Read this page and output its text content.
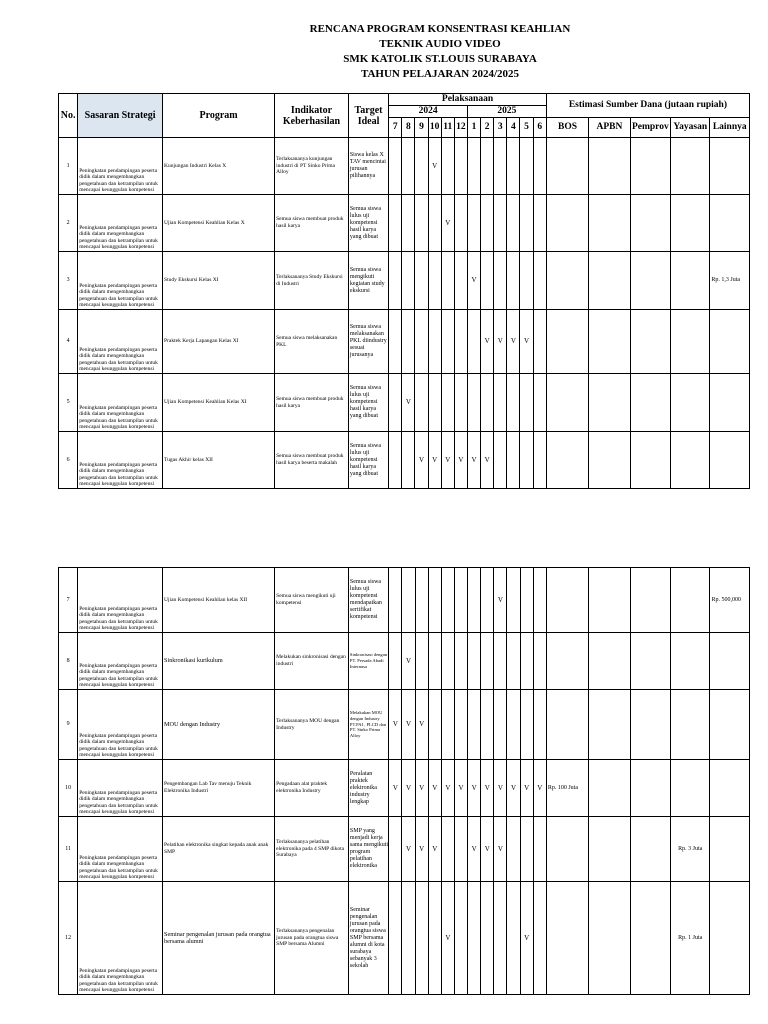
RENCANA PROGRAM KONSENTRASI KEAHLIAN
TEKNIK AUDIO VIDEO
SMK KATOLIK ST.LOUIS SURABAYA
TAHUN PELAJARAN 2024/2025
No.	Sasaran Strategi	Program	Indikator Keberhasilan	Target Ideal	Pelaksanaan												Estimasi Sumber Dana (jutaan rupiah)				
					2024						2025										
					7	8	9	10	11	12	1	2	3	4	5	6	BOS	APBN	Pemprov	Yayasan	Lainnya
1	Peningkatan pendampingan peserta didik dalam mengembangkan pengetahuan dan ketrampilan untuk mencapai keunggulan kompetensi	Kunjungan Industri Kelas X	Terlaksananya kunjungan industri di PT Sinko Prima Alloy	Siswa kelas X TAV mencintai jurusan pilihannya				V													
2	Peningkatan pendampingan peserta didik dalam mengembangkan pengetahuan dan ketrampilan untuk mencapai keunggulan kompetensi	Ujian Kompetensi Keahlian Kelas X	Semua siswa membuat produk hasil karya	Semua siswa lulus uji kompetensi hasil karya yang dibuat					V												
3	Peningkatan pendampingan peserta didik dalam mengembangkan pengetahuan dan ketrampilan untuk mencapai keunggulan kompetensi	Study Ekskursi Kelas XI	Terlaksananya Study Ekskursi di Industri	Semua siswa mengikuti kegiatan study ekskursi							V										Rp. 1,3 Juta
4	Peningkatan pendampingan peserta didik dalam mengembangkan pengetahuan dan ketrampilan untuk mencapai keunggulan kompetensi	Praktek Kerja Lapangan Kelas XI	Semua siswa melaksanakan PKL	Semua siswa melaksanakan PKL diindustry sesuai jurusanya								V	V	V	V						
5	Peningkatan pendampingan peserta didik dalam mengembangkan pengetahuan dan ketrampilan untuk mencapai keunggulan kompetensi	Ujian Kompetensi Keahlian Kelas XI	Semua siswa membuat produk hasil karya	Semua siswa lulus uji kompetensi hasil karya yang dibuat		V															
6	Peningkatan pendampingan peserta didik dalam mengembangkan pengetahuan dan ketrampilan untuk mencapai keunggulan kompetensi	Tugas Akhir kelas XII	Semua siswa membuat produk hasil karya beserta makalah	Semua siswa lulus uji kompetensi hasil karya yang dibuat			V	V	V	V	V	V									
7	Peningkatan pendampingan peserta didik dalam mengembangkan pengetahuan dan ketrampilan untuk mencapai keunggulan kompetensi	Ujian Kompetensi Keahlian kelas XII	Semua siswa mengikuti uji kompetensi	Semua siswa lulus uji kompetensi mendapatkan sertifikat kompetensi									V								Rp. 500,000
8	Peningkatan pendampingan peserta didik dalam mengembangkan pengetahuan dan ketrampilan untuk mencapai keunggulan kompetensi	Sinkronikasi kurikulum	Melakukan sinkronisasi dengan industri	Sinkronisasi dengan PT. Persada Abadi Internusa		V															
9	Peningkatan pendampingan peserta didik dalam mengembangkan pengetahuan dan ketrampilan untuk mencapai keunggulan kompetensi	MOU dengan Industry	Terlaksananya MOU dengan Industry	Melakukan MOU dengan Industry PT.PAI , PLCD dan PT. Sinko Prima Alloy	V	V	V														
10	Peningkatan pendampingan peserta didik dalam mengembangkan pengetahuan dan ketrampilan untuk mencapai keunggulan kompetensi	Pengembangan Lab Tav menuju Teknik Elektronika Industri	Pengadaan alat praktek elektronika Industry	Peralatan praktek elektronika industry lengkap	V	V	V	V	V	V	V	V	V	V	V	V	Rp. 100 Juta				
11	Peningkatan pendampingan peserta didik dalam mengembangkan pengetahuan dan ketrampilan untuk mencapai keunggulan kompetensi	Pelatihan elektronika singkat kepada anak anak SMP	Terlaksananya pelatihan elektronika pada 4 SMP dikota Surabaya	SMP yang menjadi kerja sama mengikuti program pelatihan elektronika		V	V	V			V	V	V							Rp. 3 Juta	
12	Peningkatan pendampingan peserta didik dalam mengembangkan pengetahuan dan ketrampilan untuk mencapai keunggulan kompetensi	Seminar pengenalan jurusan pada orangtua bersama alumni	Terlaksananya pengenalan jurusan pada orangtua siswa SMP bersama Alumni	Seminar pengenalan jurusan pada orangtua siswa SMP bersama alumni di kota surabaya sebanyak 3 sekolah					V						V					Rp. 1 Juta	
